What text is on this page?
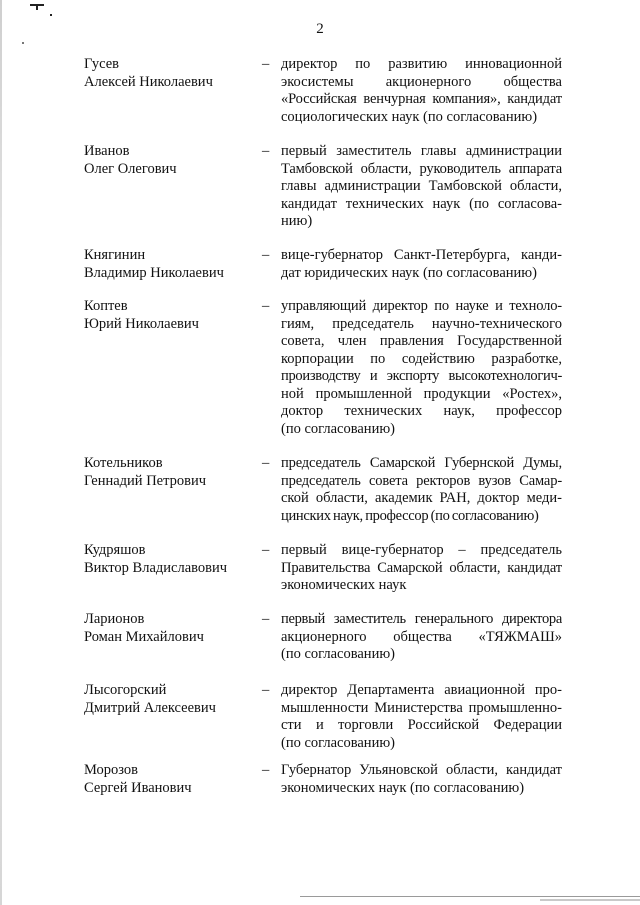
2
Гусев
Алексей Николаевич
– директор по развитию инновационной
экосистемы акционерного общества
«Российская венчурная компания», кандидат
социологических наук (по согласованию)
Иванов
Олег Олегович
– первый заместитель главы администрации
Тамбовской области, руководитель аппарата
главы администрации Тамбовской области,
кандидат технических наук (по согласова-
нию)
Княгинин
Владимир Николаевич
– вице-губернатор Санкт-Петербурга, канди-
дат юридических наук (по согласованию)
Коптев
Юрий Николаевич
– управляющий директор по науке и техноло-
гиям, председатель научно-технического
совета, член правления Государственной
корпорации по содействию разработке,
производству и экспорту высокотехнологич-
ной промышленной продукции «Ростех»,
доктор технических наук, профессор
(по согласованию)
Котельников
Геннадий Петрович
– председатель Самарской Губернской Думы,
председатель совета ректоров вузов Самар-
ской области, академик РАН, доктор меди-
цинских наук, профессор (по согласованию)
Кудряшов
Виктор Владиславович
– первый вице-губернатор – председатель
Правительства Самарской области, кандидат
экономических наук
Ларионов
Роман Михайлович
– первый заместитель генерального директора
акционерного общества «ТЯЖМАШ»
(по согласованию)
Лысогорский
Дмитрий Алексеевич
– директор Департамента авиационной про-
мышленности Министерства промышленно-
сти и торговли Российской Федерации
(по согласованию)
Морозов
Сергей Иванович
– Губернатор Ульяновской области, кандидат
экономических наук (по согласованию)
